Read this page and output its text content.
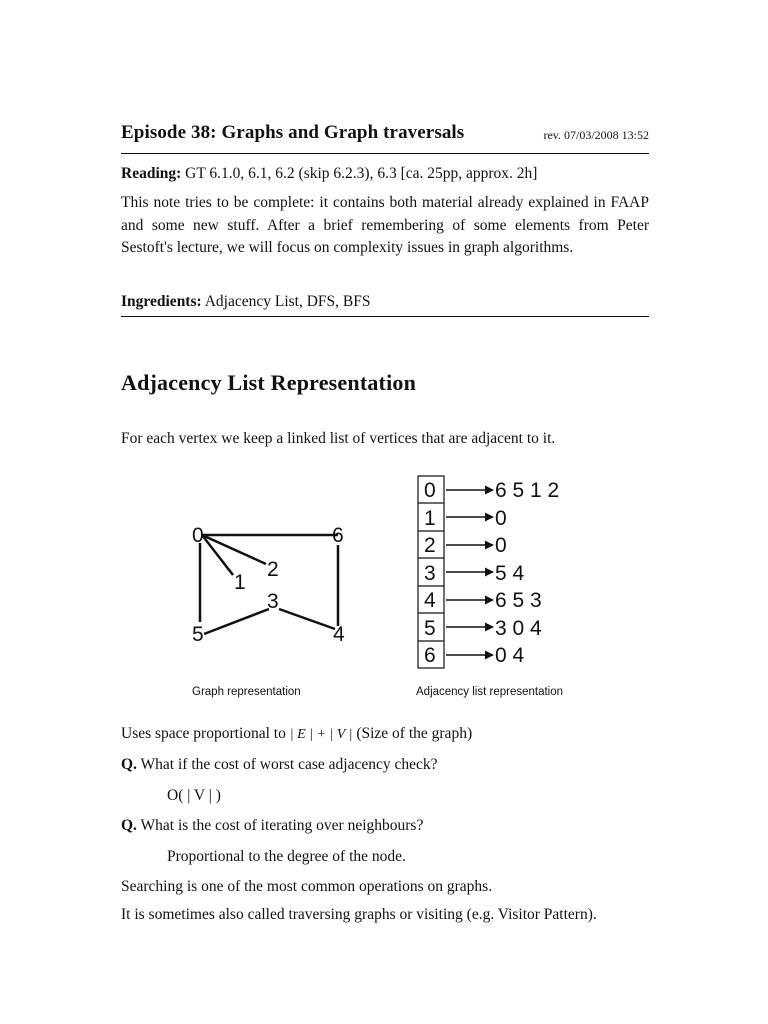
Episode 38: Graphs and Graph traversals	rev. 07/03/2008 13:52

Reading: GT 6.1.0, 6.1, 6.2 (skip 6.2.3), 6.3 [ca. 25pp, approx. 2h]

This note tries to be complete: it contains both material already explained in FAAP and some new stuff. After a brief remembering of some elements from Peter Sestoft's lecture, we will focus on complexity issues in graph algorithms.

Ingredients: Adjacency List, DFS, BFS

Adjacency List Representation

For each vertex we keep a linked list of vertices that are adjacent to it.

0
1
2
3
4
5
6
0
1
2
3
4
5
6
6 5 1 2
0
0
5 4
6 5 3
3 0 4
0 4
Graph representation	Adjacency list representation

Uses space proportional to | E | + | V | (Size of the graph)

Q. What if the cost of worst case adjacency check?

O( | V | )

Q. What is the cost of iterating over neighbours?

Proportional to the degree of the node.

Searching is one of the most common operations on graphs.

It is sometimes also called traversing graphs or visiting (e.g. Visitor Pattern).
